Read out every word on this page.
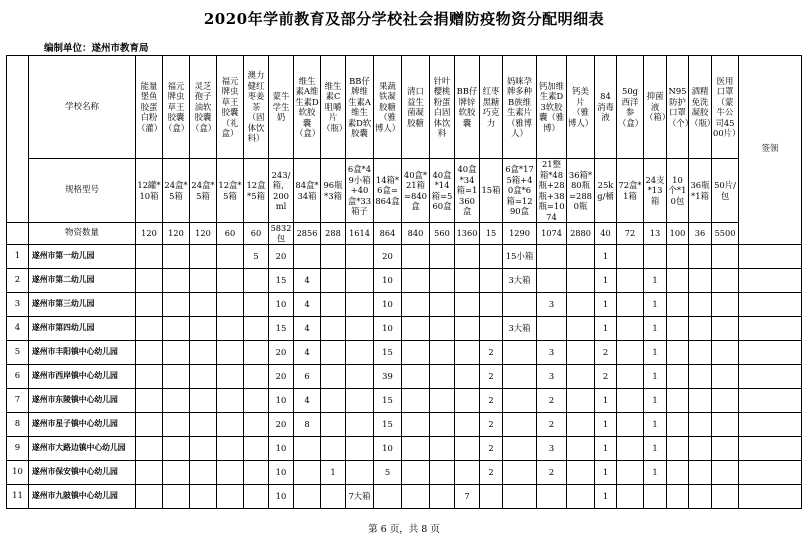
2020年学前教育及部分学校社会捐赠防疫物资分配明细表
编制单位：遂州市教育局
	学校名称	能量堡鱼胶蛋白粉（灌）	福元牌虫草王胶囊（盒）	灵芝孢子油软胶囊（盒）	福元牌虫草王胶囊（礼盒）	澳力健红枣姜茶（固体饮料）	蒙牛学生奶	维生素A维生素D软胶囊（盒）	维生素C咀嚼片（瓶）	BB仔牌维生素A维生素D软胶囊	果蔬铁凝胶糖（雅博人）	清口益生菌凝胶糖	针叶樱桃粉蛋白固体饮料	BB仔牌锌软胶囊	红枣黑糖巧克力	妈咪孕牌多种B族维生素片（雅博人）	钙加维生素D3软胶囊（雅博）	钙美片（雅博人）	84消毒液	50g西洋参（盒）	抑菌液（箱）	N95防护口罩（个）	酒精免洗凝胶（瓶）	医用口罩（蒙牛公司4500片）	签领
	规格型号	12罐*10箱	24盒*5箱	24盒*5箱	12盒*5箱	12盒*5箱	243/箱，200ml	84盒*34箱	96瓶*3箱	6盒*49小箱+40盒*33箱子	14箱*6盒=864盒	40盒*21箱=840盒	40盒*14箱=560盒	40盒*34箱=1360盒	15箱	6盒*175箱+40盒*6箱=1290盒	21整箱*48瓶+28瓶+38瓶=1074	36箱*80瓶=2880瓶	25kg/桶	72盒*1箱	24支*13箱	10个*10包	36瓶*1箱	50片/包	
	物资数量	120	120	120	60	60	5832包	2856	288	1614	864	840	560	1360	15	1290	1074	2880	40	72	13	100	36	5500	
1	遂州市第一幼儿园					5	20				20					15小箱			1						
2	遂州市第二幼儿园						15	4			10					3大箱			1		1				
3	遂州市第三幼儿园						10	4			10						3		1		1				
4	遂州市第四幼儿园						15	4			10					3大箱			1		1				
5	遂州市丰阳镇中心幼儿园						20	4			15				2		3		2		1				
6	遂州市西岸镇中心幼儿园						20	6			39				2		3		2		1				
7	遂州市东陵镇中心幼儿园						10	4			15				2		2		1		1				
8	遂州市星子镇中心幼儿园						20	8			15				2		2		1		1				
9	遂州市大路边镇中心幼儿园						10				10				2		3		1		1				
10	遂州市保安镇中心幼儿园						10		1		5				2		2		1		1				
11	遂州市九陂镇中心幼儿园						10			7大箱				7					1						
第 6 页，共 8 页
